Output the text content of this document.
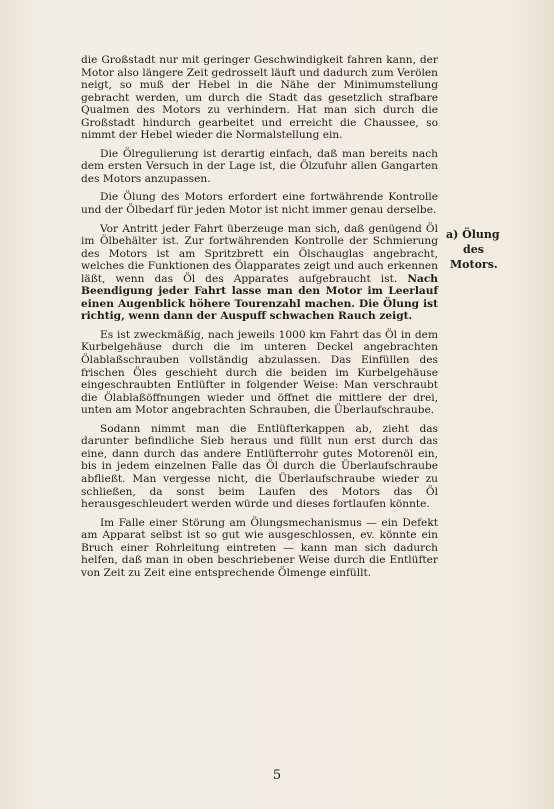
die Großstadt nur mit geringer Geschwindigkeit fahren kann, der Motor also längere Zeit gedrosselt läuft und dadurch zum Verölen neigt, so muß der Hebel in die Nähe der Minimumstellung gebracht werden, um durch die Stadt das gesetzlich strafbare Qualmen des Motors zu verhindern. Hat man sich durch die Großstadt hindurch gearbeitet und erreicht die Chaussee, so nimmt der Hebel wieder die Normalstellung ein.

Die Ölregulierung ist derartig einfach, daß man bereits nach dem ersten Versuch in der Lage ist, die Ölzufuhr allen Gangarten des Motors anzupassen.

Die Ölung des Motors erfordert eine fortwährende Kontrolle und der Ölbedarf für jeden Motor ist nicht immer genau derselbe.

Vor Antritt jeder Fahrt überzeuge man sich, daß genügend Öl im Ölbehälter ist. Zur fortwährenden Kontrolle der Schmierung des Motors ist am Spritzbrett ein Ölschauglas angebracht, welches die Funktionen des Ölapparates zeigt und auch erkennen läßt, wenn das Öl des Apparates aufgebraucht ist. Nach Beendigung jeder Fahrt lasse man den Motor im Leerlauf einen Augenblick höhere Tourenzahl machen. Die Ölung ist richtig, wenn dann der Auspuff schwachen Rauch zeigt.

Es ist zweckmäßig, nach jeweils 1000 km Fahrt das Öl in dem Kurbelgehäuse durch die im unteren Deckel angebrachten Ölablaßschrauben vollständig abzulassen. Das Einfüllen des frischen Öles geschieht durch die beiden im Kurbelgehäuse eingeschraubten Entlüfter in folgender Weise: Man verschraubt die Ölablaßöffnungen wieder und öffnet die mittlere der drei, unten am Motor angebrachten Schrauben, die Überlaufschraube.

Sodann nimmt man die Entlüfterkappen ab, zieht das darunter befindliche Sieb heraus und füllt nun erst durch das eine, dann durch das andere Entlüfterrohr gutes Motorenöl ein, bis in jedem einzelnen Falle das Öl durch die Überlaufschraube abfließt. Man vergesse nicht, die Überlaufschraube wieder zu schließen, da sonst beim Laufen des Motors das Öl herausgeschleudert werden würde und dieses fortlaufen könnte.

Im Falle einer Störung am Ölungsmechanismus — ein Defekt am Apparat selbst ist so gut wie ausgeschlossen, ev. könnte ein Bruch einer Rohrleitung eintreten — kann man sich dadurch helfen, daß man in oben beschriebener Weise durch die Entlüfter von Zeit zu Zeit eine entsprechende Ölmenge einfüllt.

a) Ölung
des
Motors.
5
